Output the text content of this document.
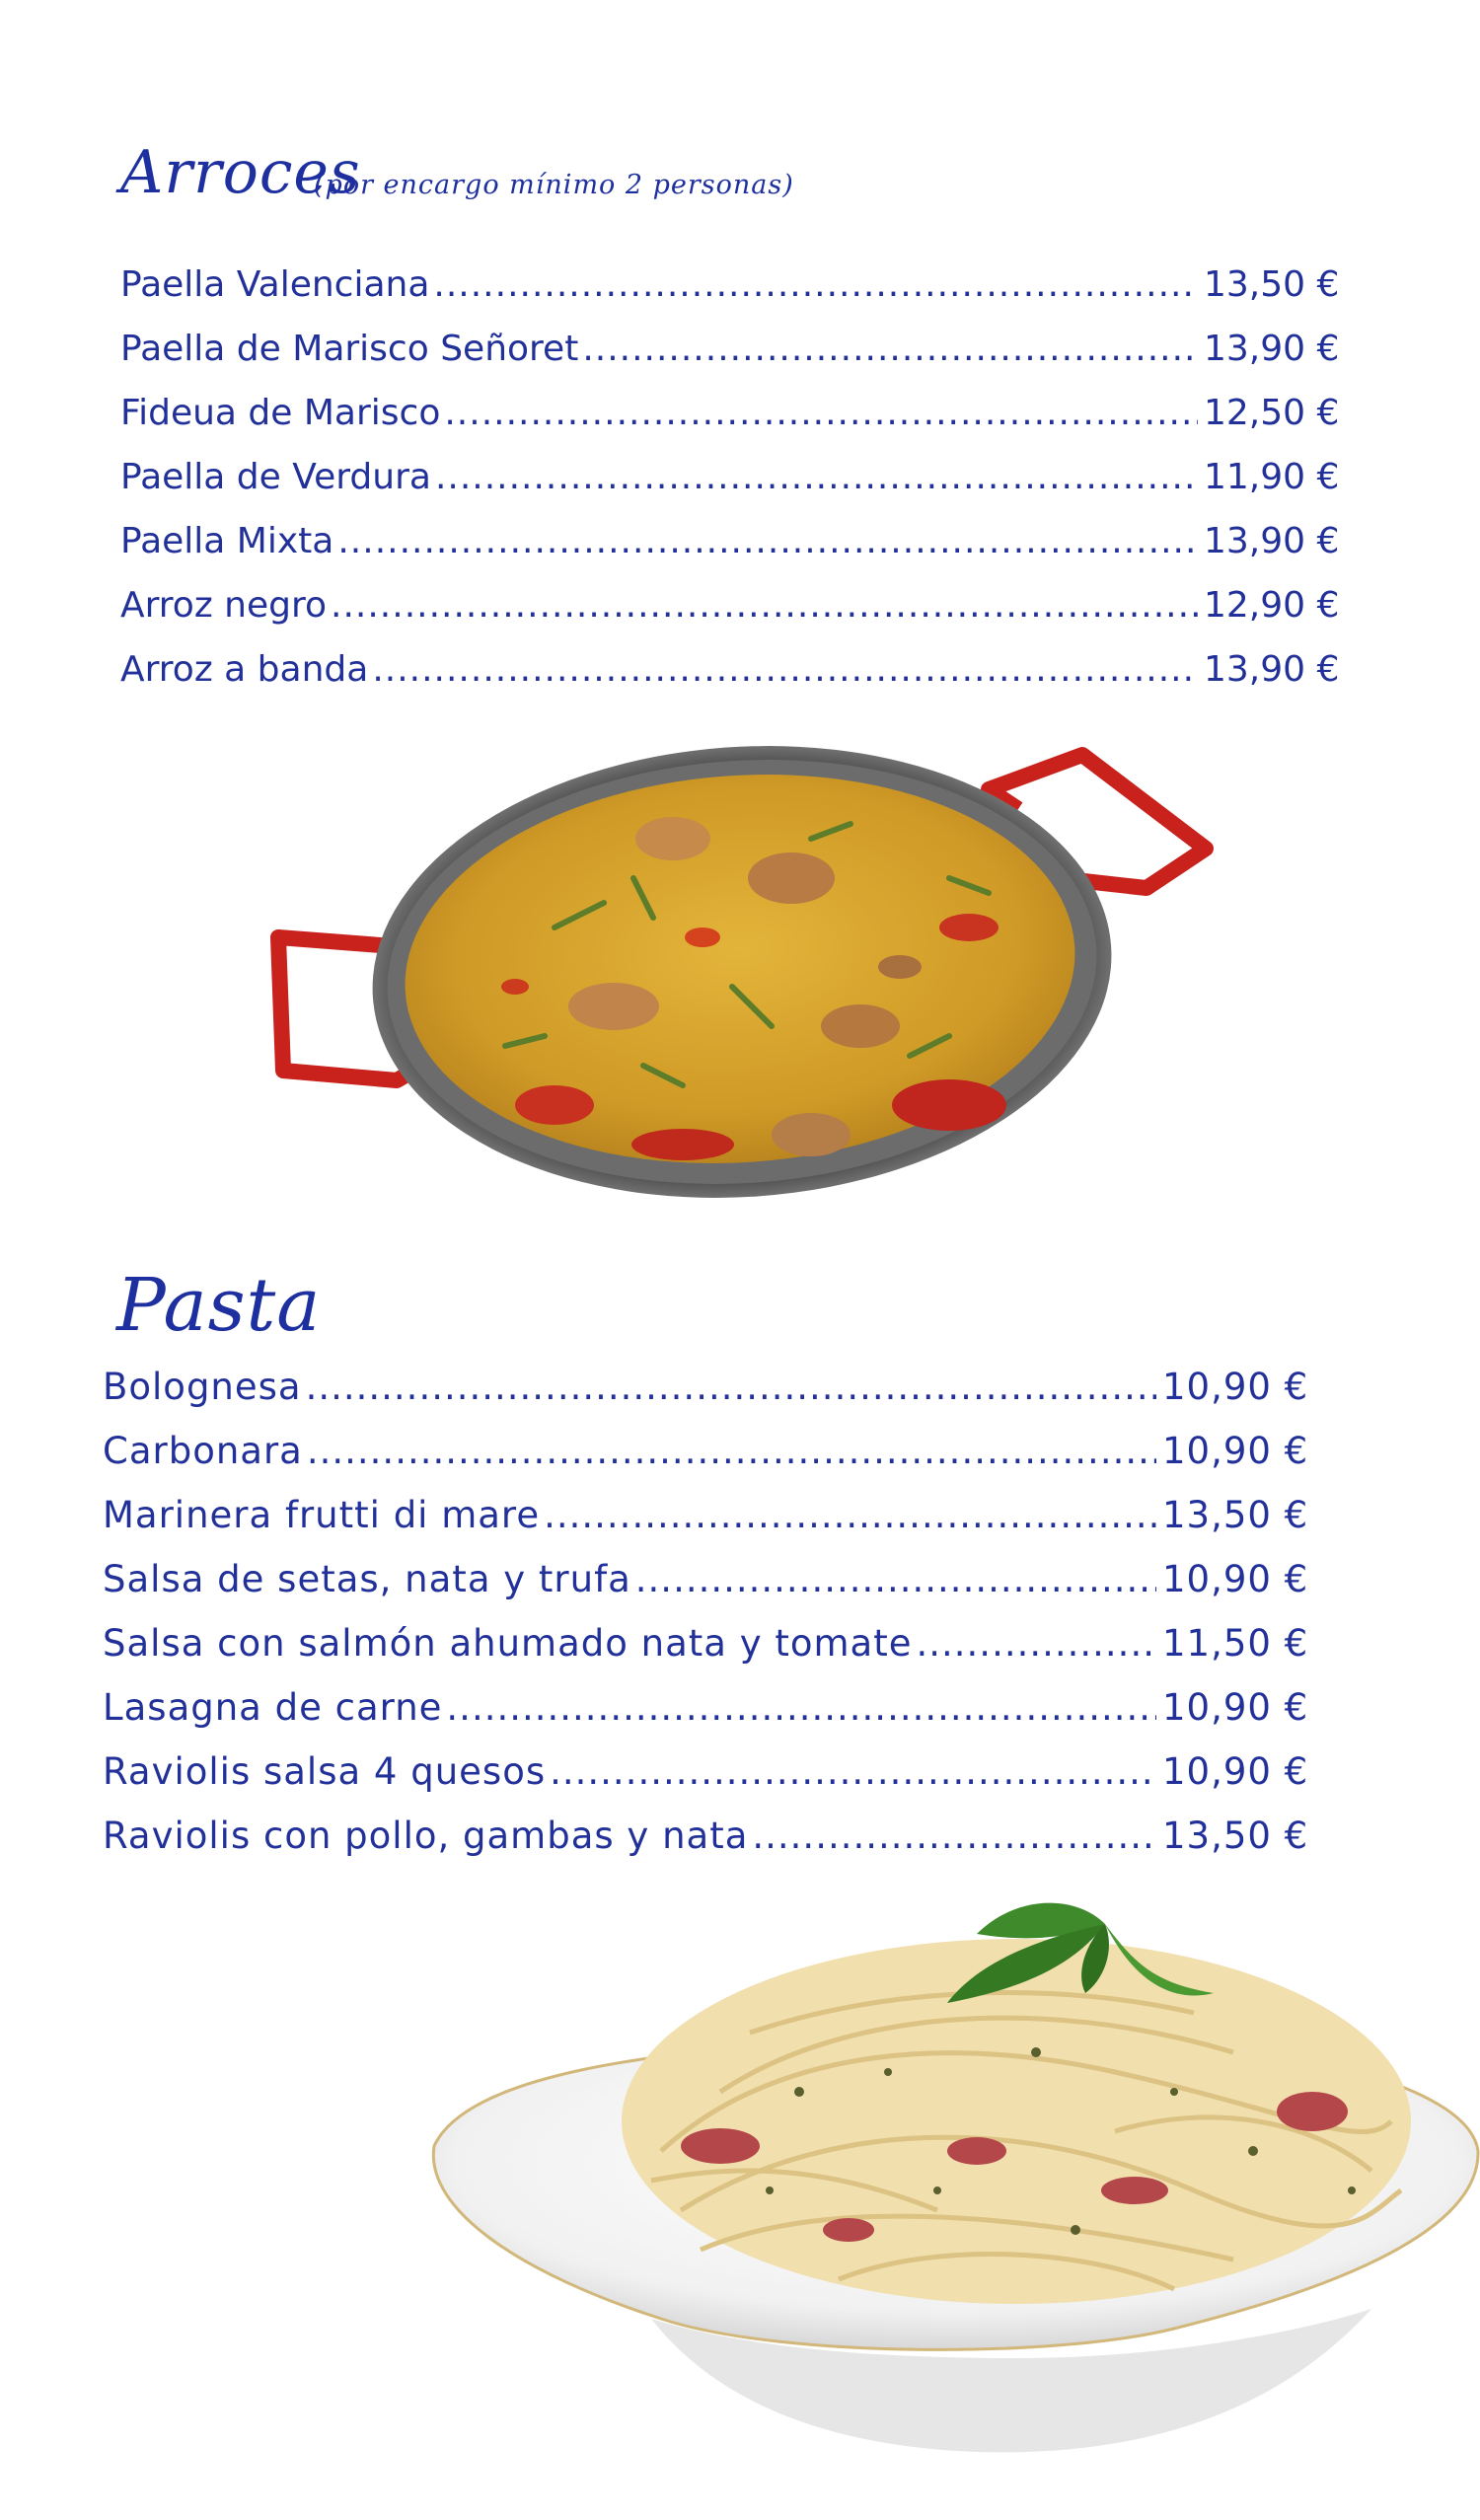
Arroces
(por encargo mínimo 2 personas)
Paella Valenciana .....	13,50 €
Paella de Marisco Señoret .....	13,90 €
Fideua de Marisco .....	12,50 €
Paella de Verdura .....	11,90 €
Paella Mixta .....	13,90 €
Arroz negro .....	12,90 €
Arroz a banda .....	13,90 €
Pasta
Bolognesa .....	10,90 €
Carbonara .....	10,90 €
Marinera frutti di mare .....	13,50 €
Salsa de setas, nata y trufa .....	10,90 €
Salsa con salmón ahumado nata y tomate .....	11,50 €
Lasagna de carne .....	10,90 €
Raviolis salsa 4 quesos .....	10,90 €
Raviolis con pollo, gambas y nata .....	13,50 €
